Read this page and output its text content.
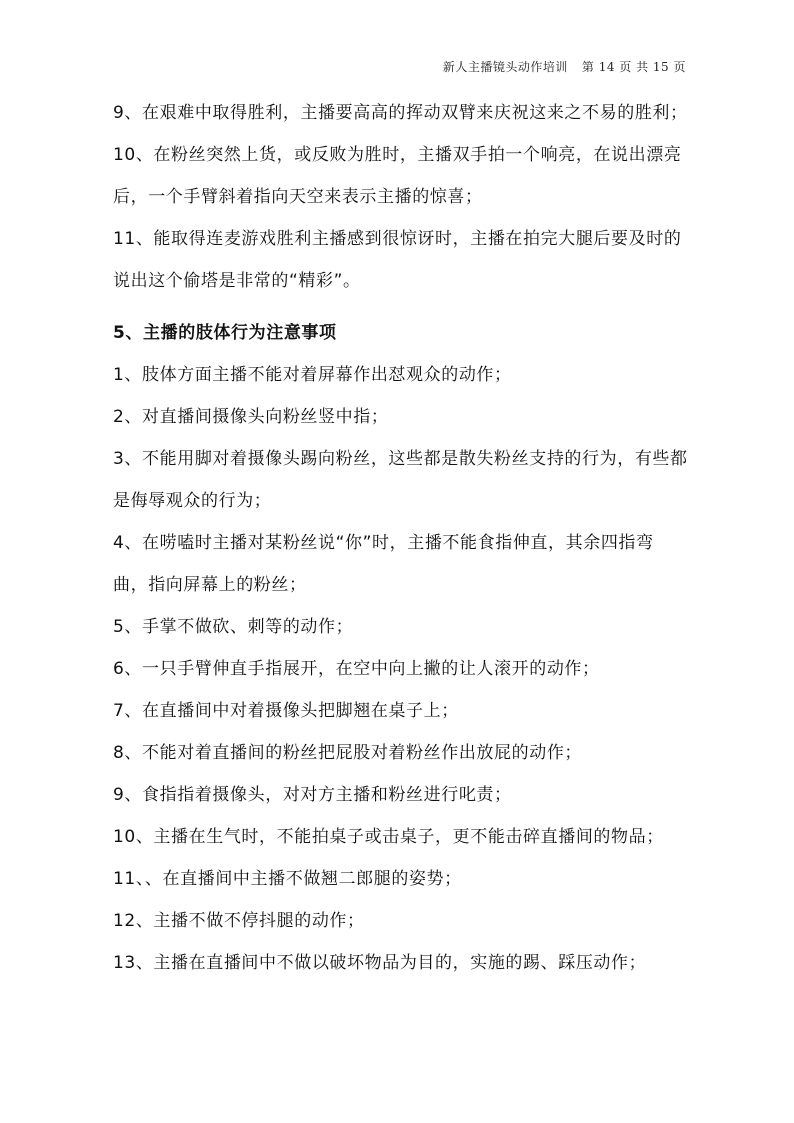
新人主播镜头动作培训 第 14 页 共 15 页

9、在艰难中取得胜利，主播要高高的挥动双臂来庆祝这来之不易的胜利；

10、在粉丝突然上货，或反败为胜时，主播双手拍一个响亮，在说出漂亮后，一个手臂斜着指向天空来表示主播的惊喜；

11、能取得连麦游戏胜利主播感到很惊讶时，主播在拍完大腿后要及时的说出这个偷塔是非常的“精彩”。

5、主播的肢体行为注意事项

1、肢体方面主播不能对着屏幕作出怼观众的动作；

2、对直播间摄像头向粉丝竖中指；

3、不能用脚对着摄像头踢向粉丝，这些都是散失粉丝支持的行为，有些都是侮辱观众的行为；

4、在唠嗑时主播对某粉丝说“你”时，主播不能食指伸直，其余四指弯曲，指向屏幕上的粉丝；

5、手掌不做砍、刺等的动作；

6、一只手臂伸直手指展开，在空中向上撇的让人滚开的动作；

7、在直播间中对着摄像头把脚翘在桌子上；

8、不能对着直播间的粉丝把屁股对着粉丝作出放屁的动作；

9、食指指着摄像头，对对方主播和粉丝进行叱责；

10、主播在生气时，不能拍桌子或击桌子，更不能击碎直播间的物品；

11、、在直播间中主播不做翘二郎腿的姿势；

12、主播不做不停抖腿的动作；

13、主播在直播间中不做以破坏物品为目的，实施的踢、踩压动作；
